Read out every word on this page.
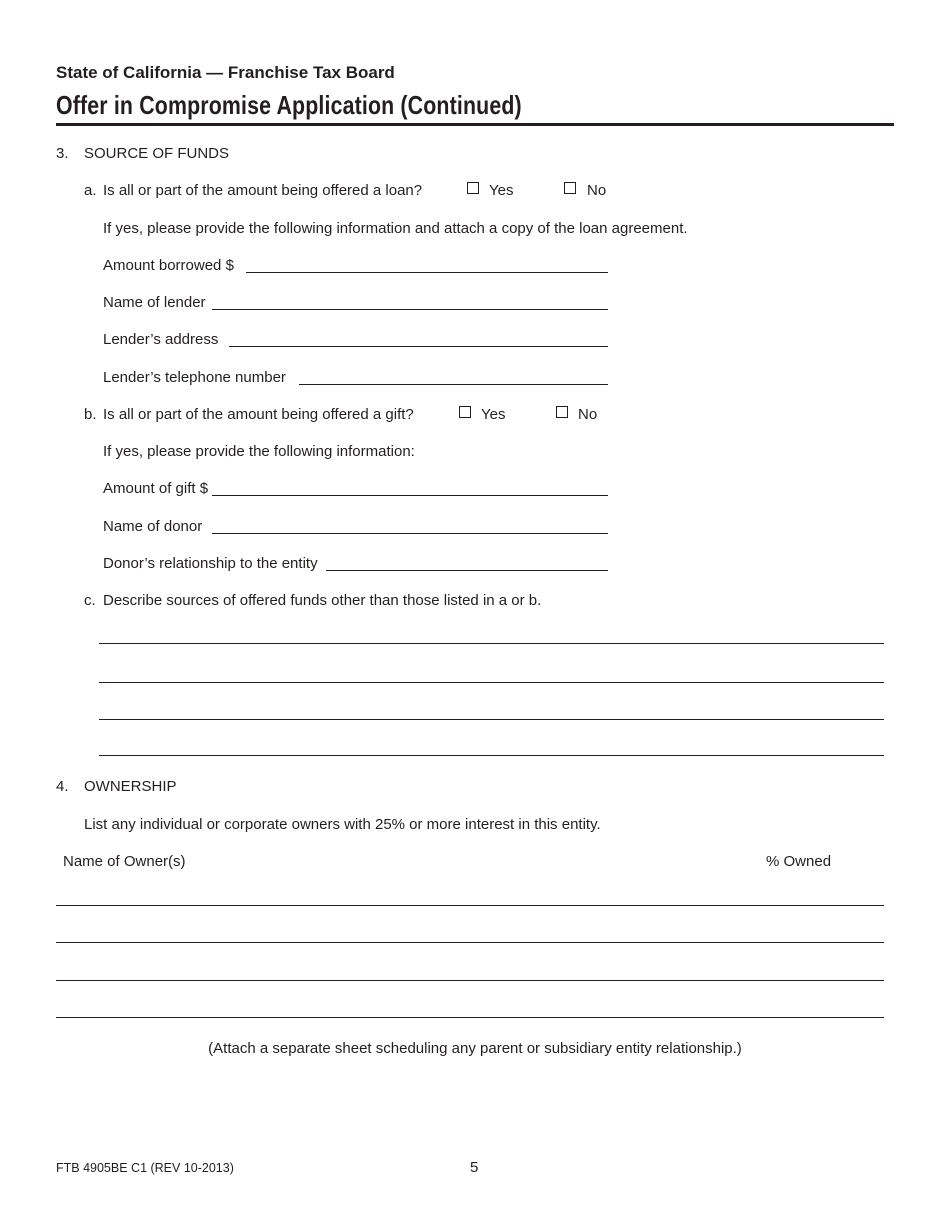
State of California — Franchise Tax Board
Offer in Compromise Application (Continued)
3. SOURCE OF FUNDS
a. Is all or part of the amount being offered a loan?	Yes	No
If yes, please provide the following information and attach a copy of the loan agreement.
Amount borrowed $
Name of lender
Lender’s address
Lender’s telephone number
b. Is all or part of the amount being offered a gift?	Yes	No
If yes, please provide the following information:
Amount of gift $
Name of donor
Donor’s relationship to the entity
c. Describe sources of offered funds other than those listed in a or b.
4. OWNERSHIP
List any individual or corporate owners with 25% or more interest in this entity.
Name of Owner(s)	% Owned
(Attach a separate sheet scheduling any parent or subsidiary entity relationship.)
FTB 4905BE C1 (REV 10-2013)	5
